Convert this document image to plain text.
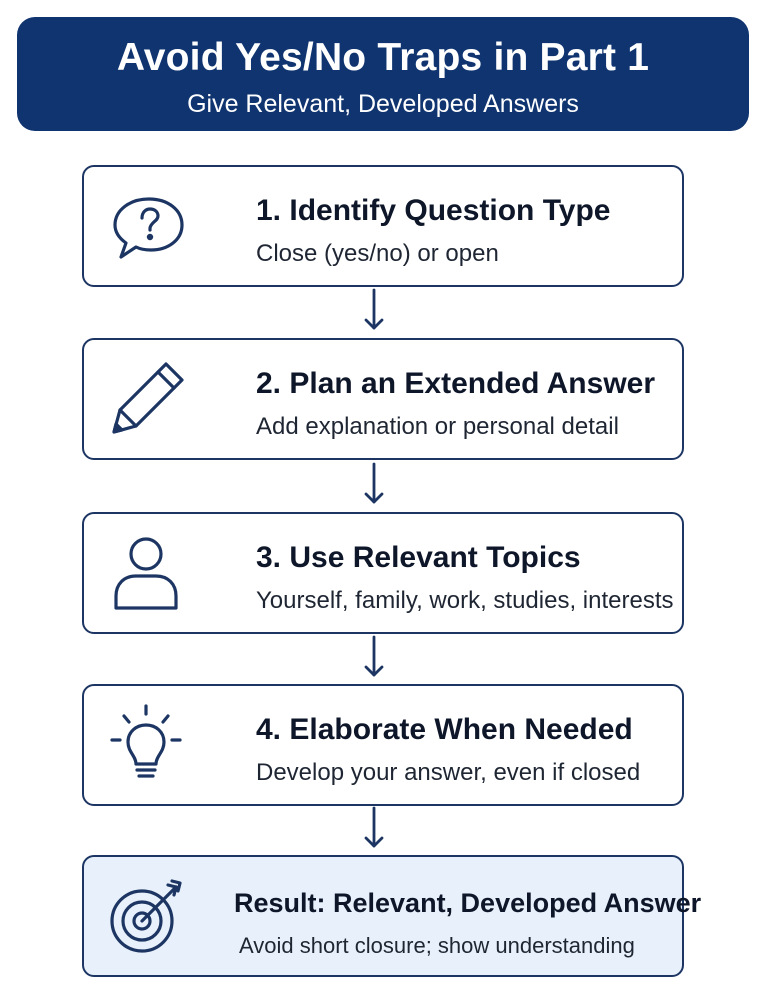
Avoid Yes/No Traps in Part 1
Give Relevant, Developed Answers
1. Identify Question Type
Close (yes/no) or open
2. Plan an Extended Answer
Add explanation or personal detail
3. Use Relevant Topics
Yourself, family, work, studies, interests
4. Elaborate When Needed
Develop your answer, even if closed
Result: Relevant, Developed Answer
Avoid short closure; show understanding
